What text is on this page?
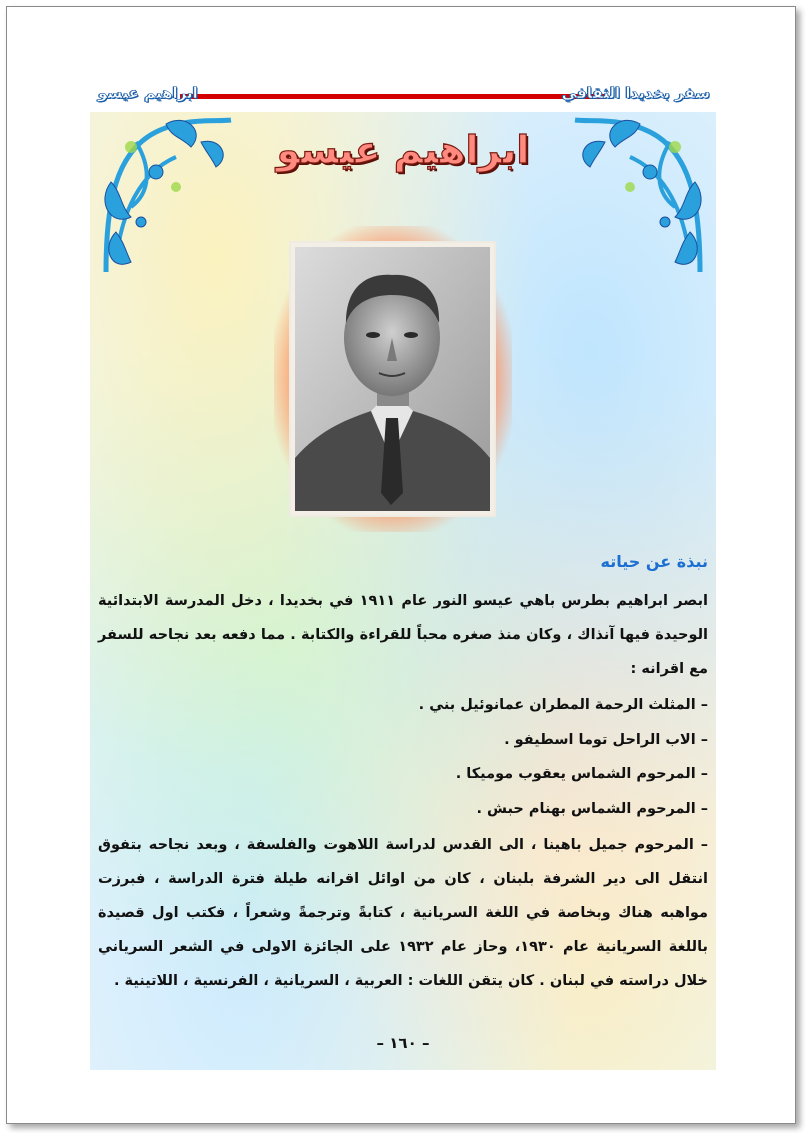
ابراهيم عيسو	سفر بخديدا الثقافي
ابراهيم عيسو
نبذة عن حياته
ابصر ابراهيم بطرس باهي عيسو النور عام ١٩١١ في بخديدا ، دخل المدرسة الابتدائية الوحيدة فيها آنذاك ، وكان منذ صغره محباً للقراءة والكتابة . مما دفعه بعد نجاحه للسفر مع اقرانه :
– المثلث الرحمة المطران عمانوئيل بني .
– الاب الراحل توما اسطيفو .
– المرحوم الشماس يعقوب موميكا .
– المرحوم الشماس بهنام حبش .
– المرحوم جميل باهينا ، الى القدس لدراسة اللاهوت والفلسفة ، وبعد نجاحه بتفوق انتقل الى دير الشرفة بلبنان ، كان من اوائل اقرانه طيلة فترة الدراسة ، فبرزت مواهبه هناك وبخاصة في اللغة السريانية ، كتابةً وترجمةً وشعراً ، فكتب اول قصيدة باللغة السريانية عام ١٩٣٠، وحاز عام ١٩٣٢ على الجائزة الاولى في الشعر السرياني خلال دراسته في لبنان . كان يتقن اللغات : العربية ، السريانية ، الفرنسية ، اللاتينية .
– ١٦٠ –
